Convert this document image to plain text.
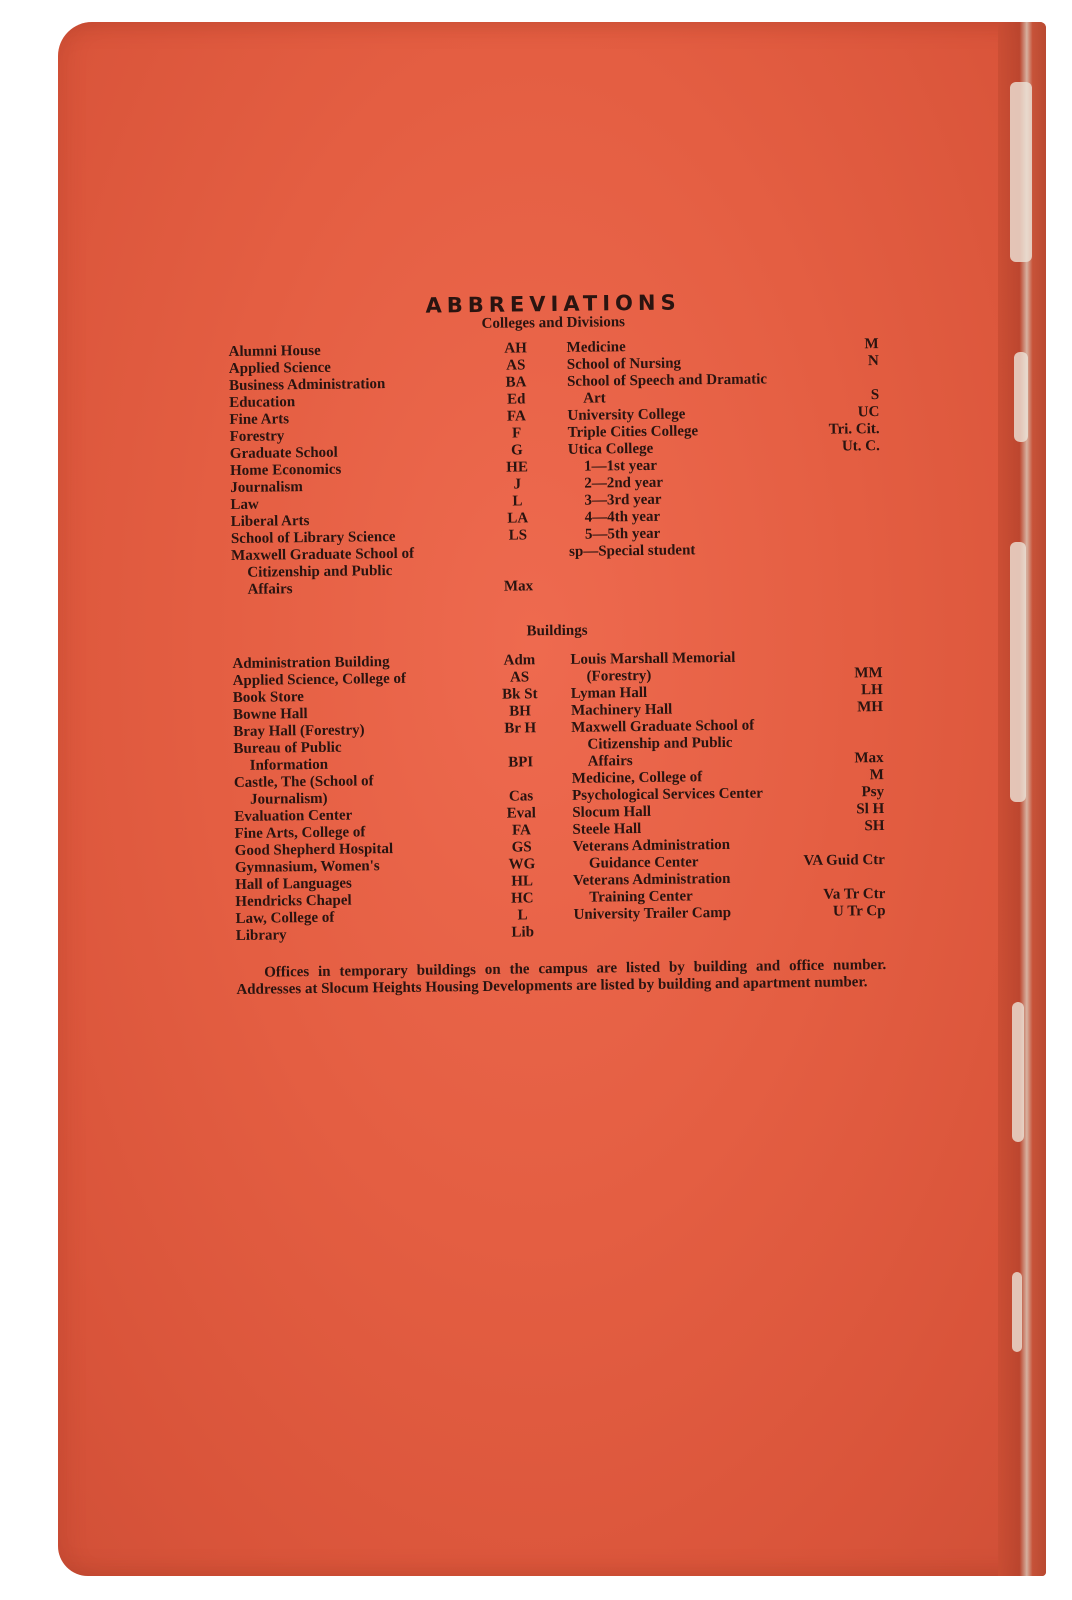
ABBREVIATIONS
Colleges and Divisions
Alumni House	AH
Applied Science	AS
Business Administration	BA
Education	Ed
Fine Arts	FA
Forestry	F
Graduate School	G
Home Economics	HE
Journalism	J
Law	L
Liberal Arts	LA
School of Library Science	LS
Maxwell Graduate School of
Citizenship and Public
Affairs	Max
Medicine	M
School of Nursing	N
School of Speech and Dramatic
Art	S
University College	UC
Triple Cities College	Tri. Cit.
Utica College	Ut. C.
1—1st year
2—2nd year
3—3rd year
4—4th year
5—5th year
sp—Special student
Buildings
Administration Building	Adm
Applied Science, College of	AS
Book Store	Bk St
Bowne Hall	BH
Bray Hall (Forestry)	Br H
Bureau of Public
Information	BPI
Castle, The (School of
Journalism)	Cas
Evaluation Center	Eval
Fine Arts, College of	FA
Good Shepherd Hospital	GS
Gymnasium, Women's	WG
Hall of Languages	HL
Hendricks Chapel	HC
Law, College of	L
Library	Lib
Louis Marshall Memorial
(Forestry)	MM
Lyman Hall	LH
Machinery Hall	MH
Maxwell Graduate School of
Citizenship and Public
Affairs	Max
Medicine, College of	M
Psychological Services Center	Psy
Slocum Hall	Sl H
Steele Hall	SH
Veterans Administration
Guidance Center	VA Guid Ctr
Veterans Administration
Training Center	Va Tr Ctr
University Trailer Camp	U Tr Cp
Offices in temporary buildings on the campus are listed by building and office number. Addresses at Slocum Heights Housing Developments are listed by building and apartment number.
